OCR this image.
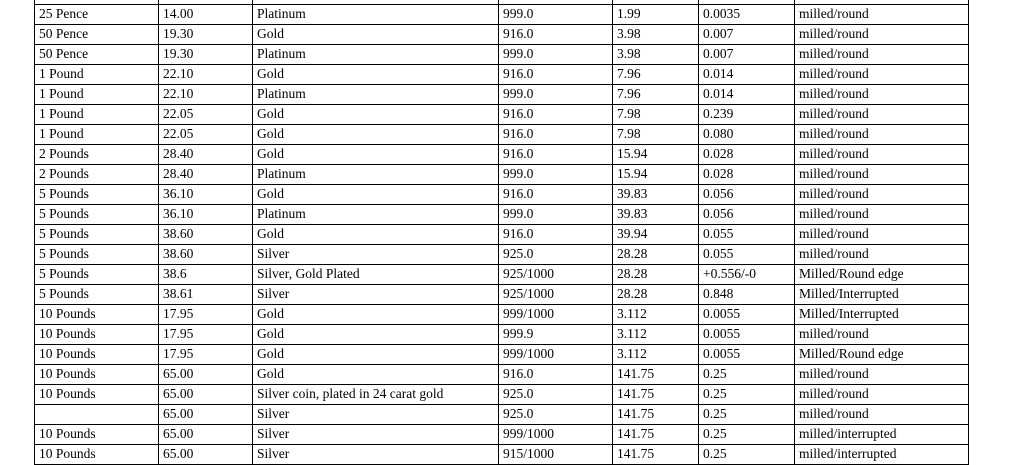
25 Pence	14.00	Platinum	999.0	1.99	0.0035	milled/round
50 Pence	19.30	Gold	916.0	3.98	0.007	milled/round
50 Pence	19.30	Platinum	999.0	3.98	0.007	milled/round
1 Pound	22.10	Gold	916.0	7.96	0.014	milled/round
1 Pound	22.10	Platinum	999.0	7.96	0.014	milled/round
1 Pound	22.05	Gold	916.0	7.98	0.239	milled/round
1 Pound	22.05	Gold	916.0	7.98	0.080	milled/round
2 Pounds	28.40	Gold	916.0	15.94	0.028	milled/round
2 Pounds	28.40	Platinum	999.0	15.94	0.028	milled/round
5 Pounds	36.10	Gold	916.0	39.83	0.056	milled/round
5 Pounds	36.10	Platinum	999.0	39.83	0.056	milled/round
5 Pounds	38.60	Gold	916.0	39.94	0.055	milled/round
5 Pounds	38.60	Silver	925.0	28.28	0.055	milled/round
5 Pounds	38.6	Silver, Gold Plated	925/1000	28.28	+0.556/-0	Milled/Round edge
5 Pounds	38.61	Silver	925/1000	28.28	0.848	Milled/Interrupted
10 Pounds	17.95	Gold	999/1000	3.112	0.0055	Milled/Interrupted
10 Pounds	17.95	Gold	999.9	3.112	0.0055	milled/round
10 Pounds	17.95	Gold	999/1000	3.112	0.0055	Milled/Round edge
10 Pounds	65.00	Gold	916.0	141.75	0.25	milled/round
10 Pounds	65.00	Silver coin, plated in 24 carat gold	925.0	141.75	0.25	milled/round
	65.00	Silver	925.0	141.75	0.25	milled/round
10 Pounds	65.00	Silver	999/1000	141.75	0.25	milled/interrupted
10 Pounds	65.00	Silver	915/1000	141.75	0.25	milled/interrupted
